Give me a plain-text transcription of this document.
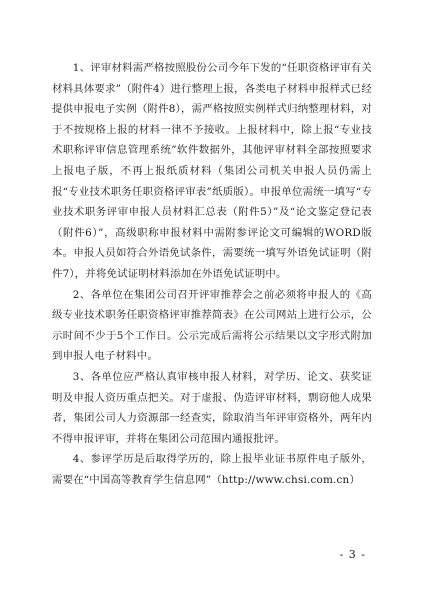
1、评审材料需严格按照股份公司今年下发的“任职资格评审有关材料具体要求”（附件4）进行整理上报，各类电子材料申报样式已经提供申报电子实例（附件8），需严格按照实例样式归纳整理材料，对于不按规格上报的材料一律不予接收。上报材料中，除上报“专业技术职称评审信息管理系统”软件数据外，其他评审材料全部按照要求上报电子版，不再上报纸质材料（集团公司机关申报人员仍需上报“专业技术职务任职资格评审表”纸质版）。申报单位需统一填写“专业技术职务评审申报人员材料汇总表（附件5）”及“论文鉴定登记表（附件6）”，高级职称申报材料中需附参评论文可编辑的WORD版本。申报人员如符合外语免试条件，需要统一填写外语免试证明（附件7），并将免试证明材料添加在外语免试证明中。

2、各单位在集团公司召开评审推荐会之前必须将申报人的《高级专业技术职务任职资格评审推荐简表》在公司网站上进行公示，公示时间不少于5个工作日。公示完成后需将公示结果以文字形式附加到申报人电子材料中。

3、各单位应严格认真审核申报人材料，对学历、论文、获奖证明及申报人资历重点把关。对于虚报、伪造评审材料，剽窃他人成果者，集团公司人力资源部一经查实，除取消当年评审资格外，两年内不得申报评审，并将在集团公司范围内通报批评。

4、参评学历是后取得学历的，除上报毕业证书原件电子版外，需要在“中国高等教育学生信息网”（http://www.chsi.com.cn）

- 3 -
